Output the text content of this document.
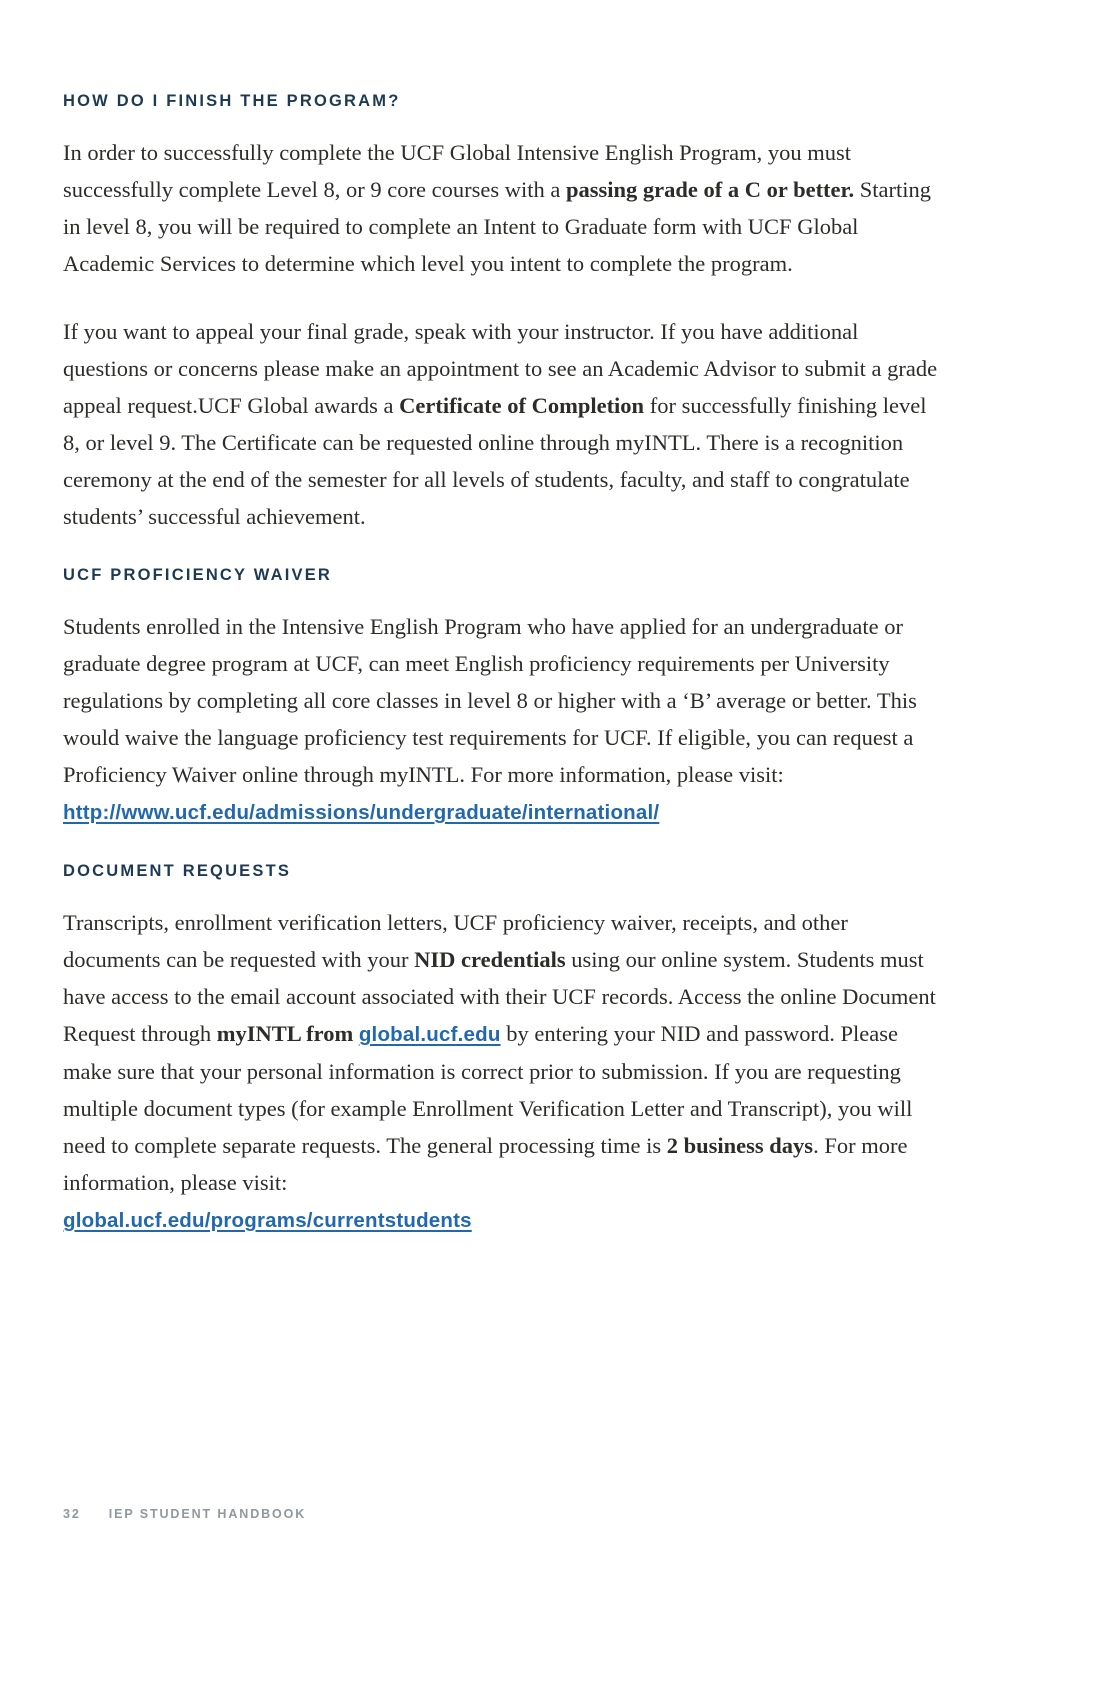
HOW DO I FINISH THE PROGRAM?

In order to successfully complete the UCF Global Intensive English Program, you must successfully complete Level 8, or 9 core courses with a passing grade of a C or better. Starting in level 8, you will be required to complete an Intent to Graduate form with UCF Global Academic Services to determine which level you intent to complete the program.

If you want to appeal your final grade, speak with your instructor. If you have additional questions or concerns please make an appointment to see an Academic Advisor to submit a grade appeal request.UCF Global awards a Certificate of Completion for successfully finishing level 8, or level 9. The Certificate can be requested online through myINTL. There is a recognition ceremony at the end of the semester for all levels of students, faculty, and staff to congratulate students’ successful achievement.

UCF PROFICIENCY WAIVER

Students enrolled in the Intensive English Program who have applied for an undergraduate or graduate degree program at UCF, can meet English proficiency requirements per University regulations by completing all core classes in level 8 or higher with a ‘B’ average or better. This would waive the language proficiency test requirements for UCF. If eligible, you can request a Proficiency Waiver online through myINTL. For more information, please visit:
http://www.ucf.edu/admissions/undergraduate/international/

DOCUMENT REQUESTS

Transcripts, enrollment verification letters, UCF proficiency waiver, receipts, and other documents can be requested with your NID credentials using our online system. Students must have access to the email account associated with their UCF records. Access the online Document Request through myINTL from global.ucf.edu by entering your NID and password. Please make sure that your personal information is correct prior to submission. If you are requesting multiple document types (for example Enrollment Verification Letter and Transcript), you will need to complete separate requests. The general processing time is 2 business days. For more information, please visit:
global.ucf.edu/programs/currentstudents

32 IEP STUDENT HANDBOOK
